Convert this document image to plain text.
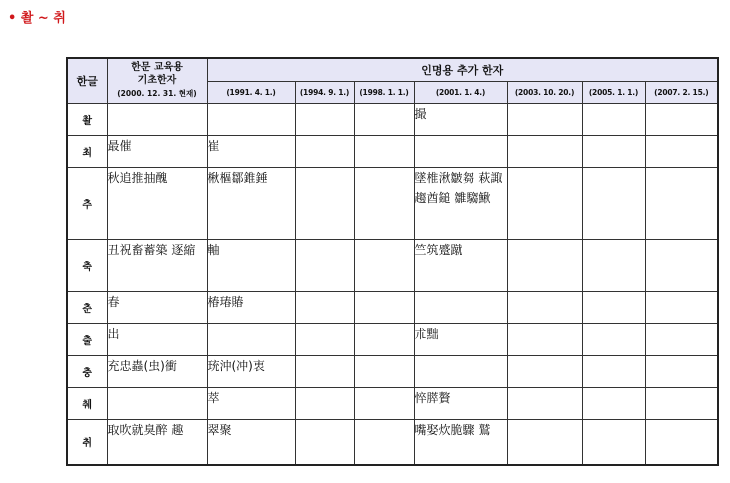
• 촬 ~ 취
한글	한문 교육용
기초한자
(2000. 12. 31. 현재)	인명용 추가 한자						
		(1991. 4. 1.)	(1994. 9. 1.)	(1998. 1. 1.)	(2001. 1. 4.)	(2003. 10. 20.)	(2005. 1. 1.)	(2007. 2. 15.)
촬					撮			
최	最催	崔						
추	秋追推抽醜	楸樞鄒錐錘			墜椎湫皺芻 萩諏趨酋鎚 雛騶鰍			
축	丑祝畜蓄築 逐縮	軸			竺筑蹙蹴			
춘	春	椿瑃賰						
출	出				朮黜			
충	充忠蟲(虫)衝	珫沖(冲)衷						
췌		萃			悴膵贅			
취	取吹就臭醉 趣	翠聚			嘴娶炊脆驟 鷲			
